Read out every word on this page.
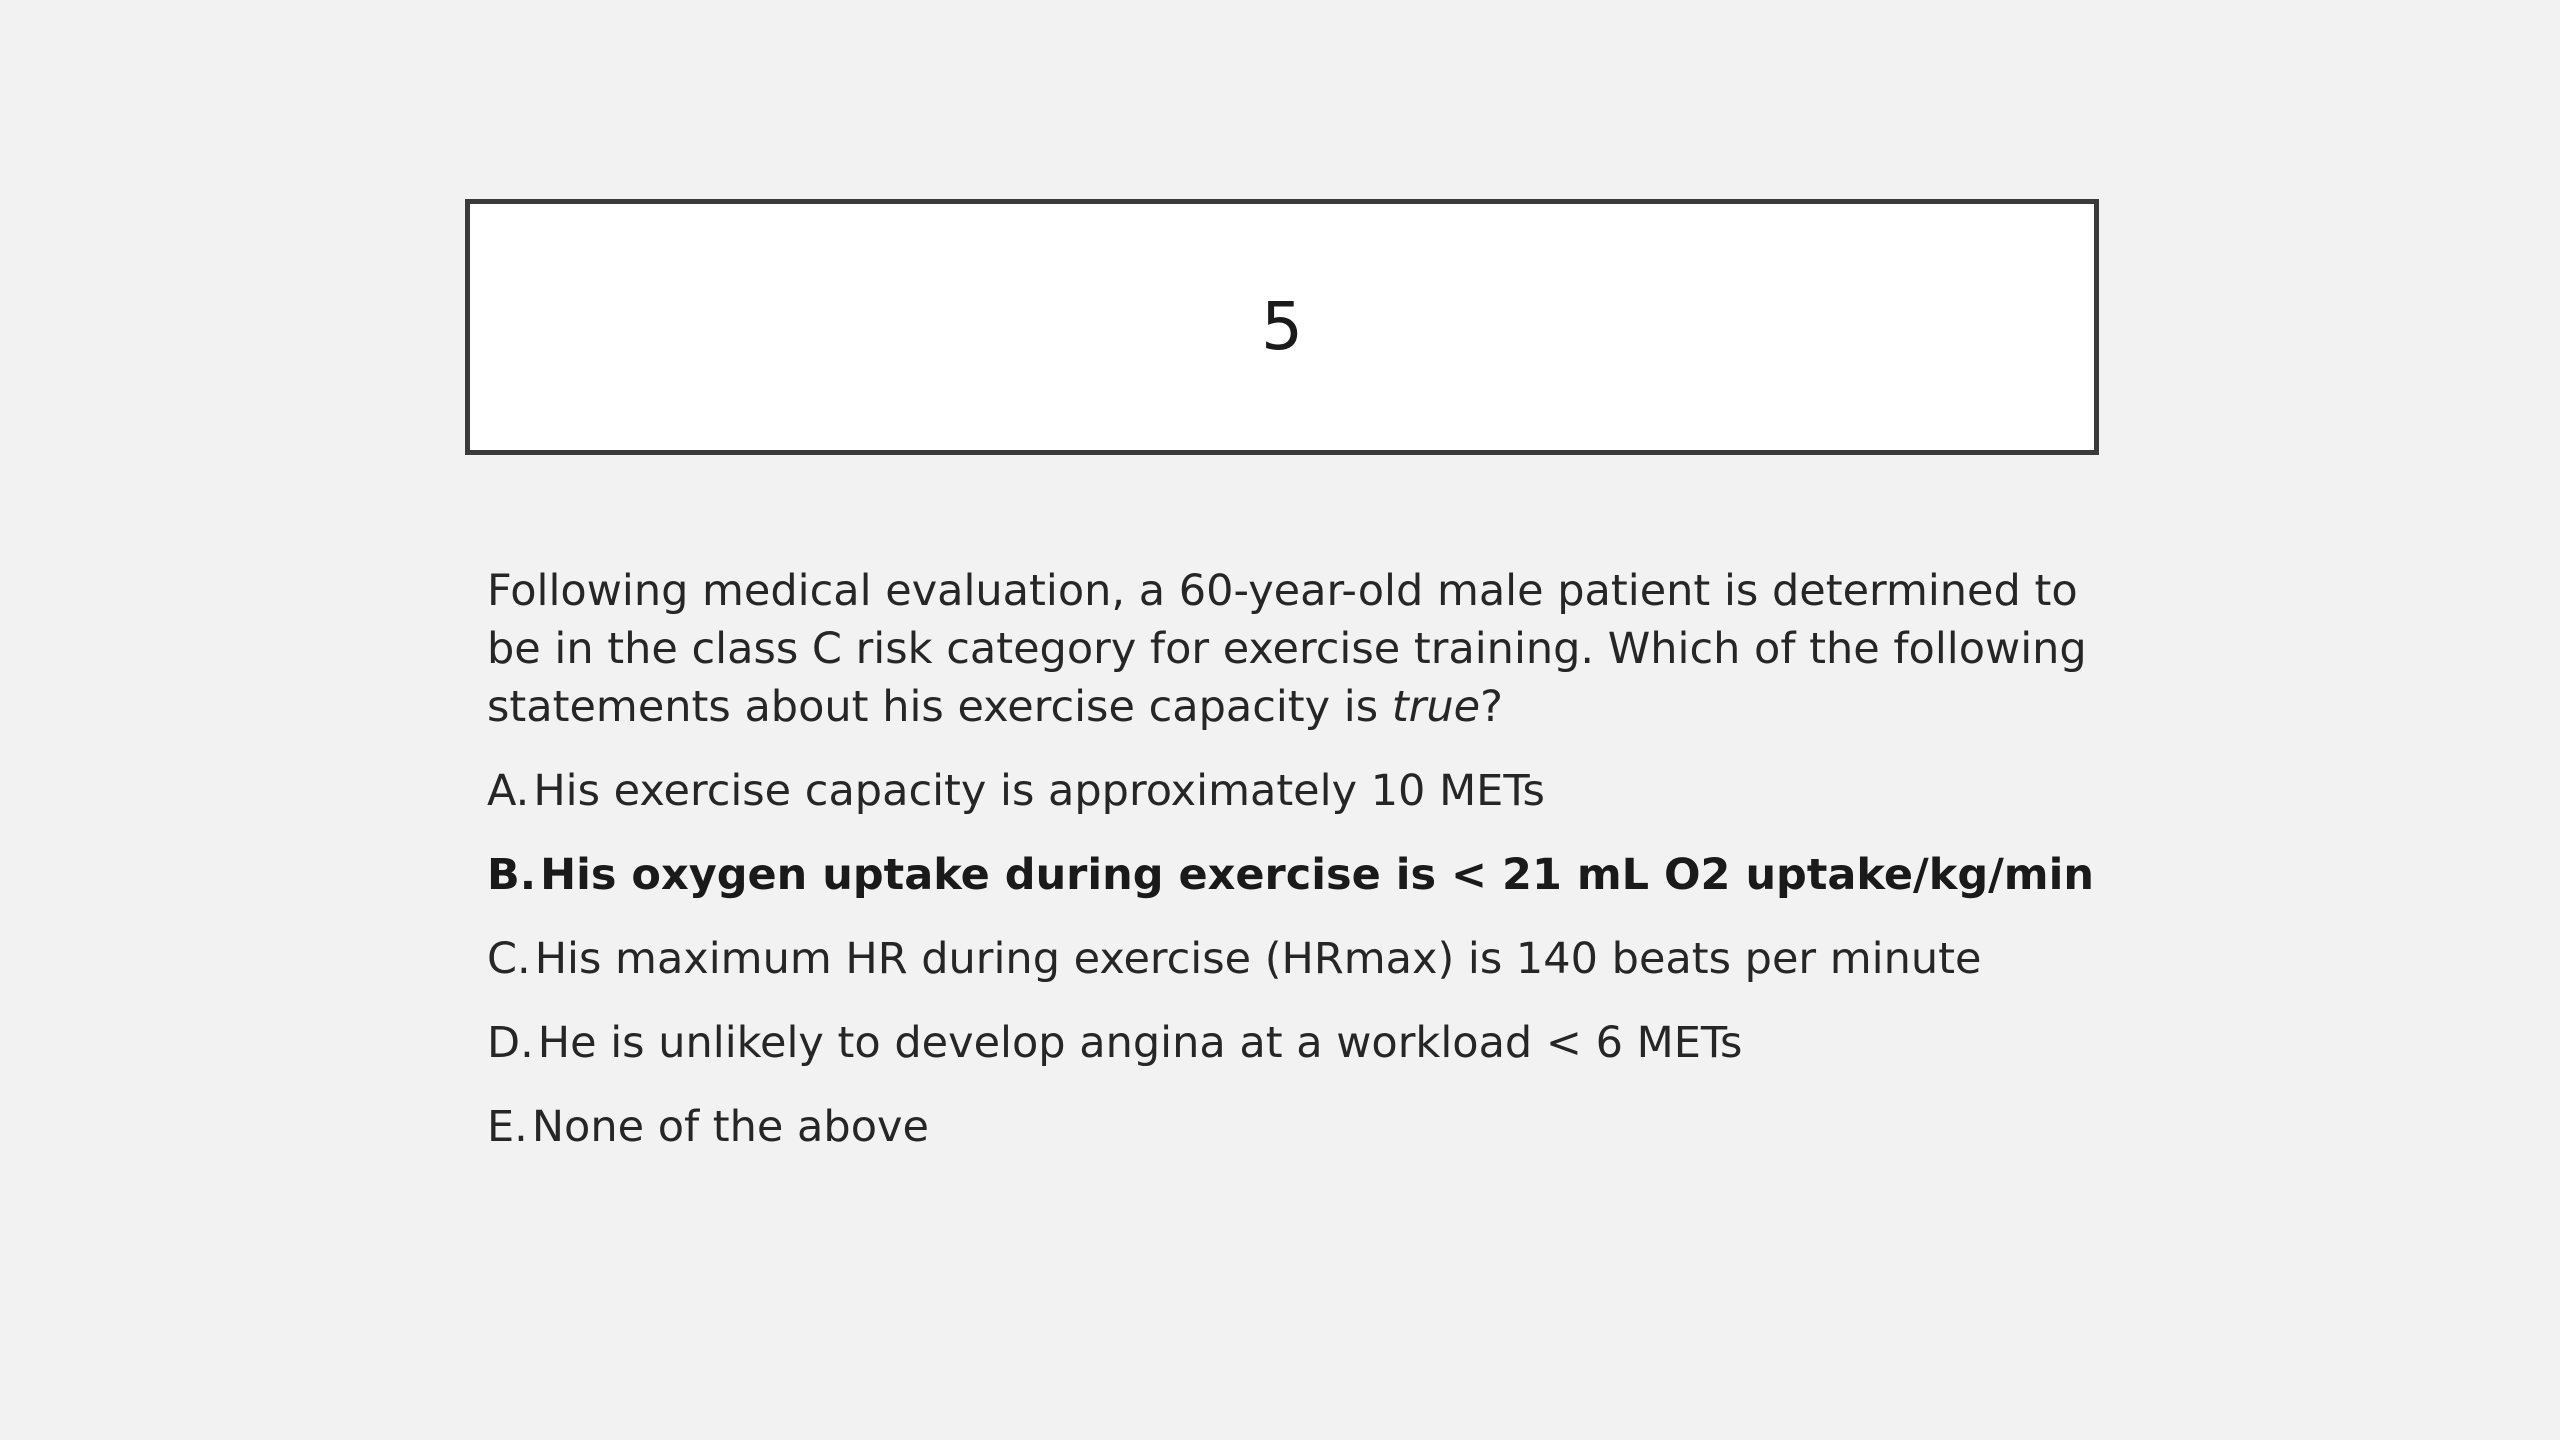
5

Following medical evaluation, a 60-year-old male patient is determined to be in the class C risk category for exercise training. Which of the following statements about his exercise capacity is true?

A.His exercise capacity is approximately 10 METs
B.His oxygen uptake during exercise is < 21 mL O2 uptake/kg/min
C.His maximum HR during exercise (HRmax) is 140 beats per minute
D.He is unlikely to develop angina at a workload < 6 METs
E.None of the above
